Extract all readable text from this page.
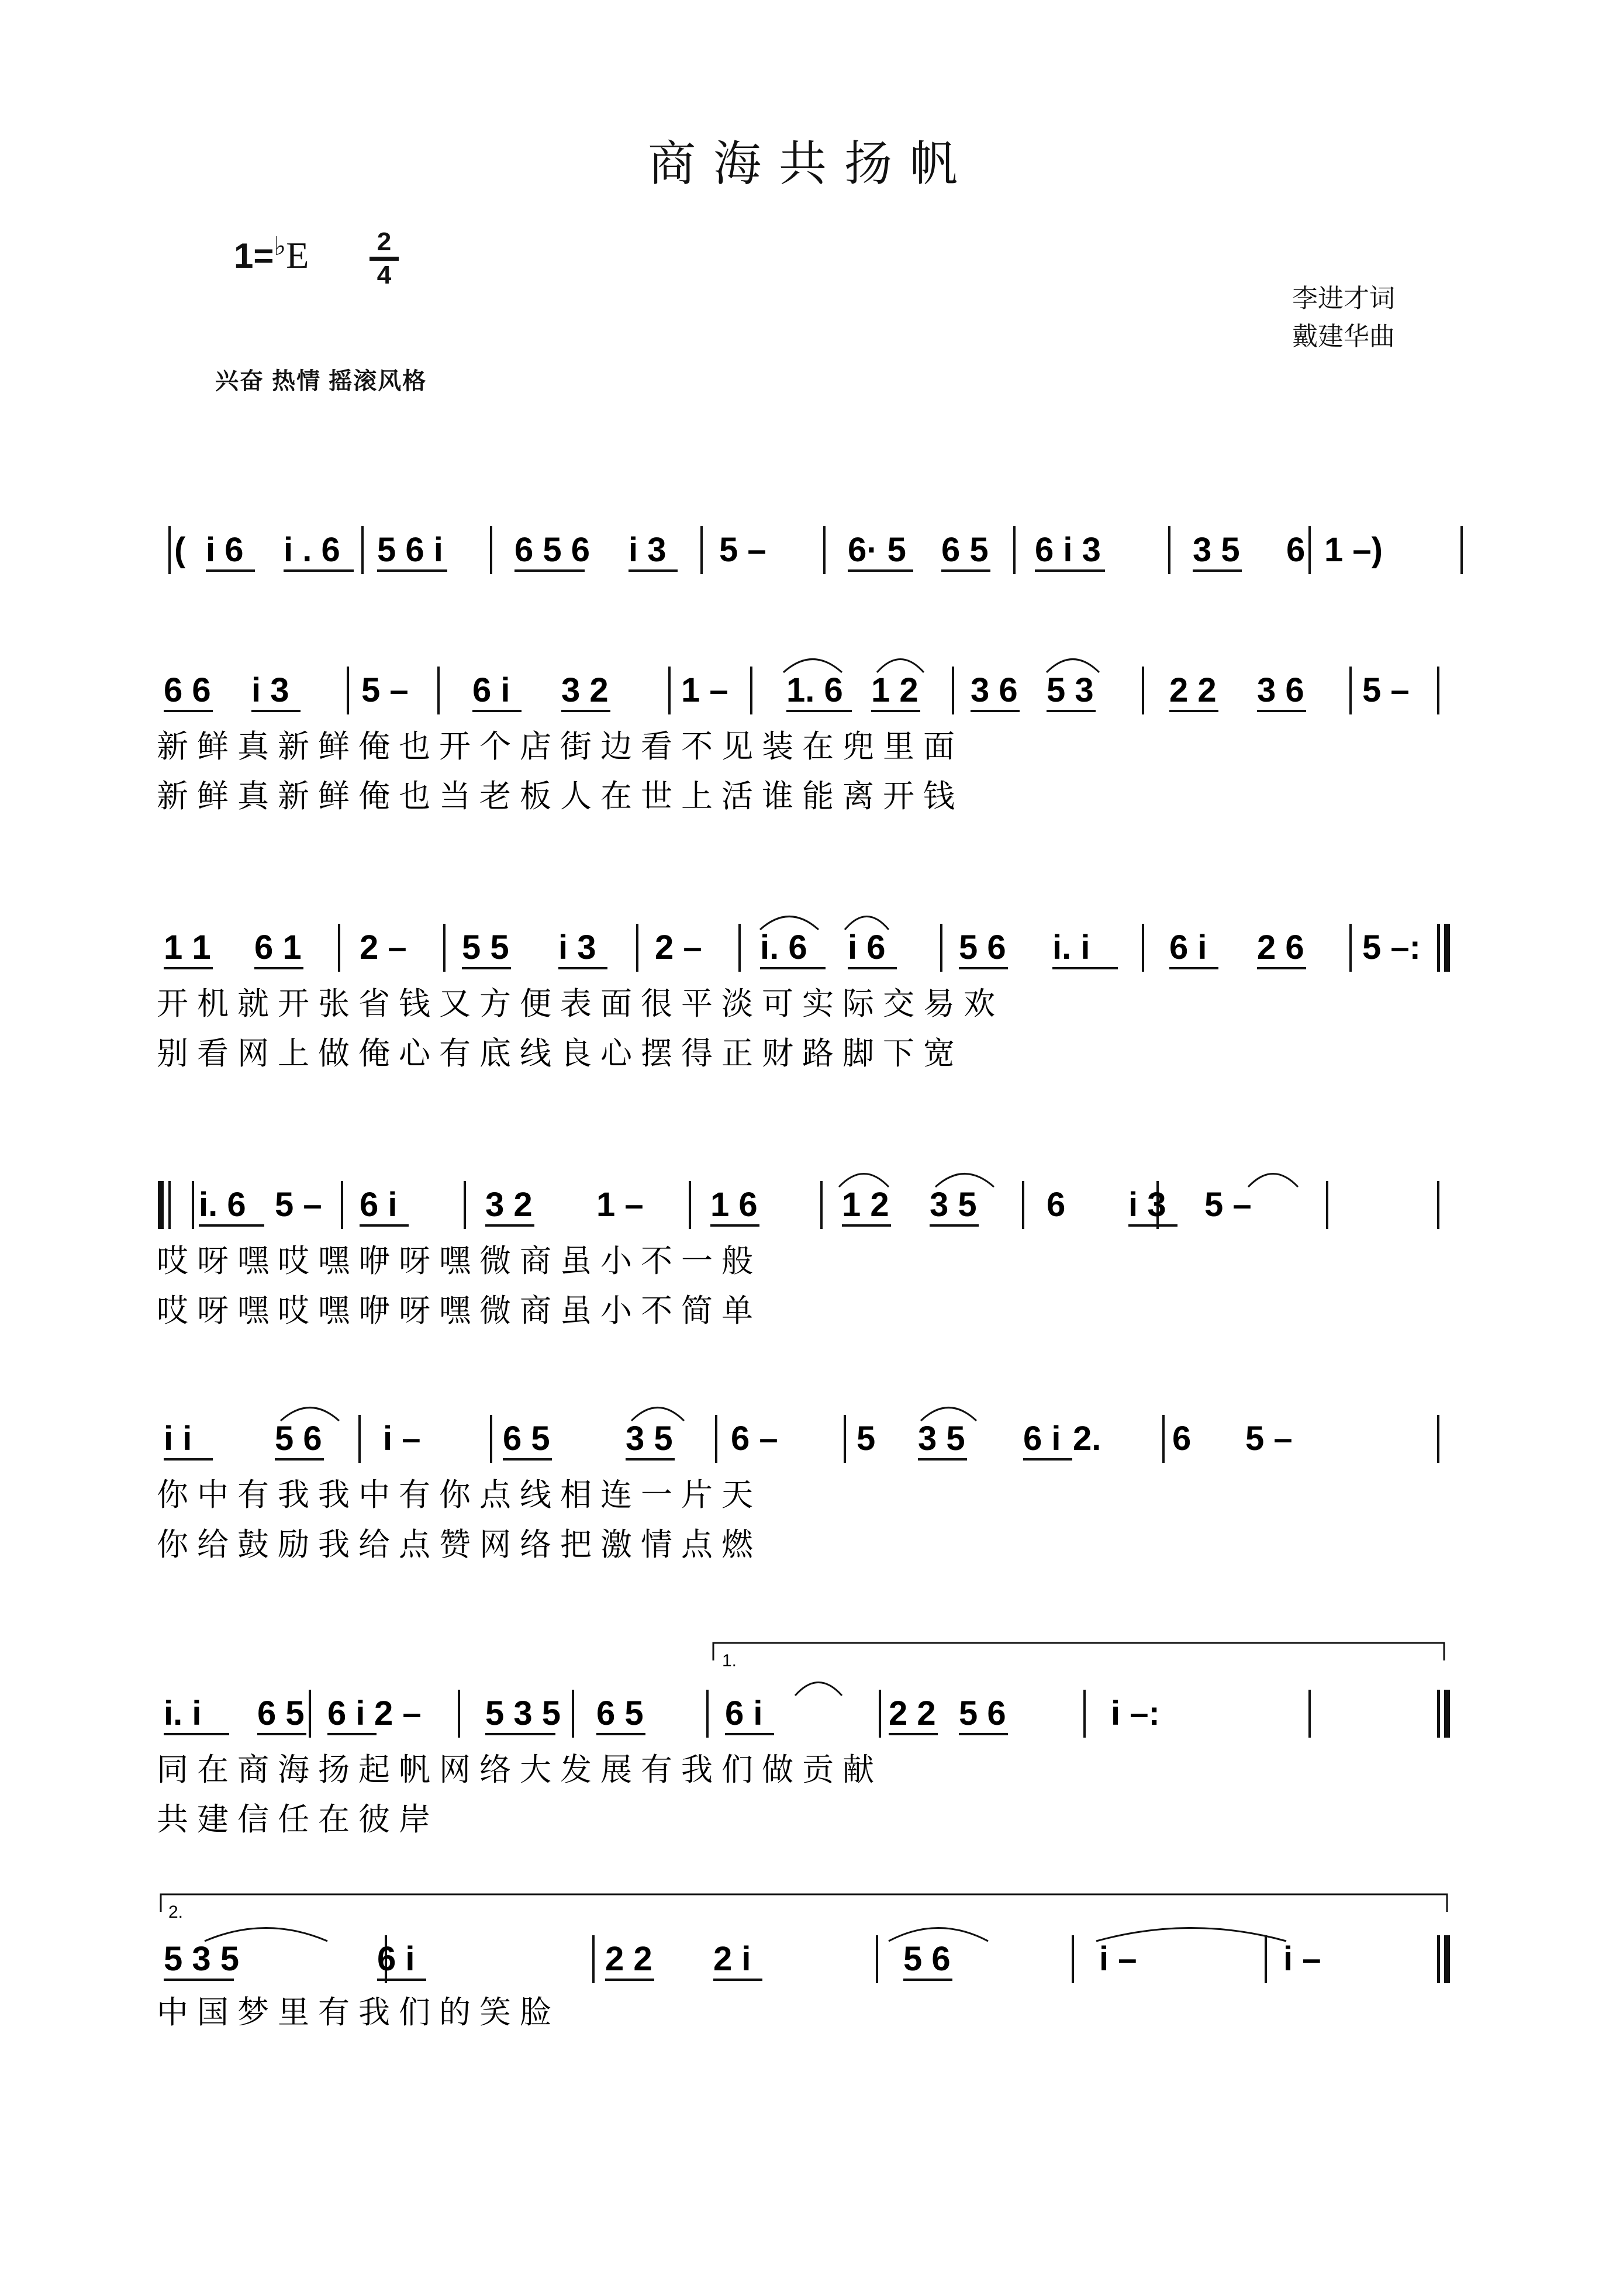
商海共扬帆
1=♭E	2
4
李进才词
戴建华曲
兴奋 热情 摇滚风格
( i 6 i . 6 5 6 i 6 5 6 i 3 5 – 6· 5 6 5 6 i 3	3 5 6 1 –)
6 6 i 3 5 – 6 i 3 2 1 – 1. 6 1 2 3 6 5 3 2 2 3 6 5 –
新 鲜 真 新 鲜 俺 也 开 个 店 街 边 看 不 见 装 在 兜 里 面
新 鲜 真 新 鲜 俺 也 当 老 板 人 在 世 上 活 谁 能 离 开 钱
1 1 6 1 2 – 5 5 i 3 2 – i. 6 i 6 5 6 i. i 6 i 2 6 5 –:
开 机 就 开 张 省 钱 又 方 便 表 面 很 平 淡 可 实 际 交 易 欢
别 看 网 上 做 俺 心 有 底 线 良 心 摆 得 正 财 路 脚 下 宽
i. 6 5 – 6 i	3 2 1 – 1 6 1 2 3 5 6 i 3 5 –
哎 呀 嘿 哎 嘿 咿 呀 嘿 微 商 虽 小 不 一 般
哎 呀 嘿 哎 嘿 咿 呀 嘿 微 商 虽 小 不 简 单
i i 5 6 i – 6 5 3 5 6 – 5 3 5 6 i 2. 6 5 –
你 中 有 我 我 中 有 你 点 线 相 连 一 片 天
你 给 鼓 励 我 给 点 赞 网 络 把 激 情 点 燃
i. i 6 5 6 i 2 – 5 3 5 6 5 6 i	2 2 5 6	i –:
同 在 商 海 扬 起 帆 网 络 大 发 展 有 我 们 做 贡 献
共 建 信 任 在 彼 岸
5 3 5	6 i	2 2 2 i	5 6	i –	i –
中 国 梦 里 有 我 们 的 笑 脸
1.
2.
